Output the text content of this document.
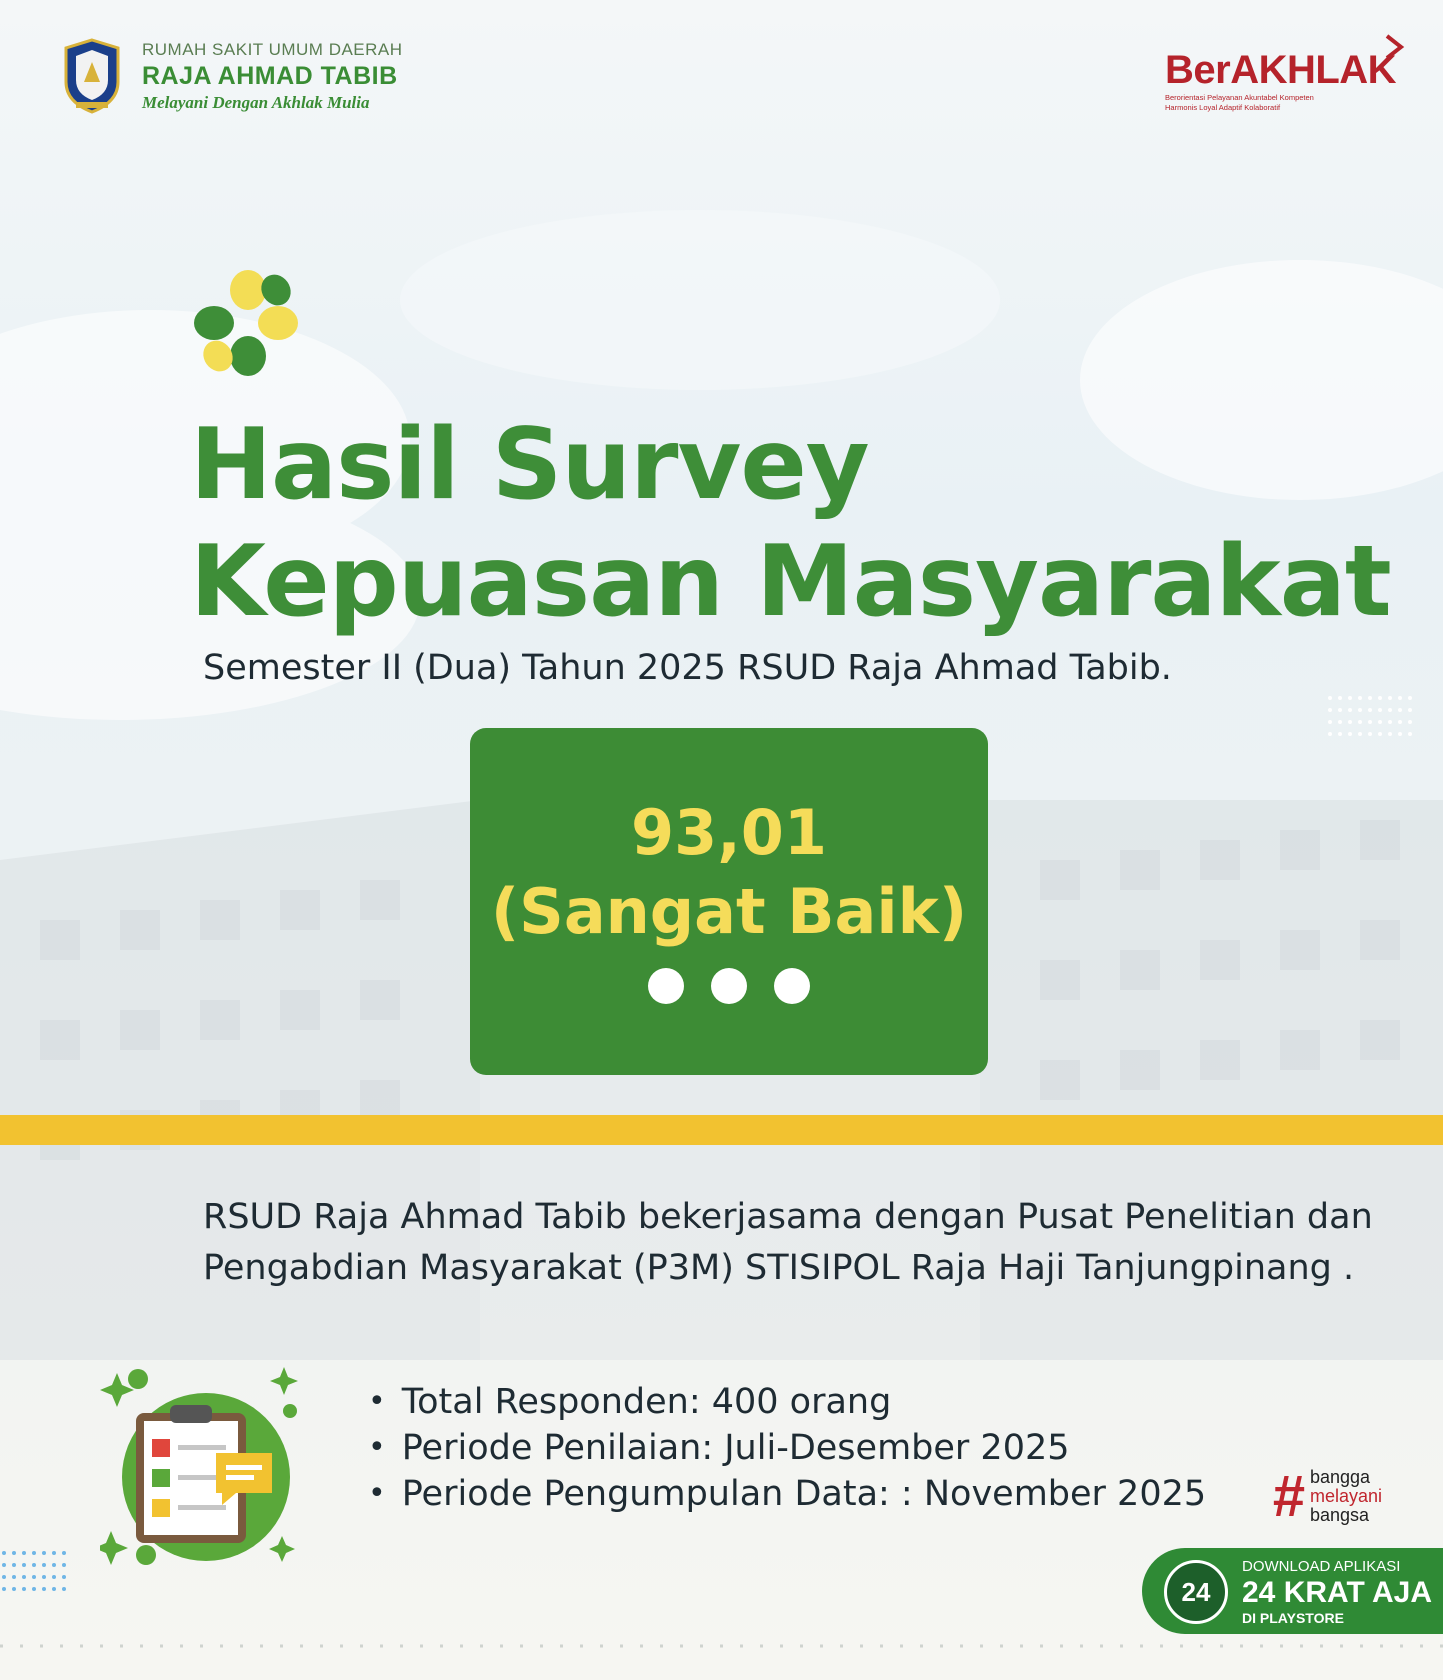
RUMAH SAKIT UMUM DAERAH
RAJA AHMAD TABIB
Melayani Dengan Akhlak Mulia
BerAKHLAK
Berorientasi Pelayanan Akuntabel Kompeten
Harmonis Loyal Adaptif Kolaboratif
Hasil Survey
Kepuasan Masyarakat
Semester II (Dua) Tahun 2025 RSUD Raja Ahmad Tabib.
93,01
(Sangat Baik)
RSUD Raja Ahmad Tabib bekerjasama dengan Pusat Penelitian dan Pengabdian Masyarakat (P3M) STISIPOL Raja Haji Tanjungpinang .
• Total Responden: 400 orang
• Periode Penilaian: Juli-Desember 2025
• Periode Pengumpulan Data: : November 2025 # bangga
melayani
bangsa
24
DOWNLOAD APLIKASI
24 KRAT AJA
DI PLAYSTORE
